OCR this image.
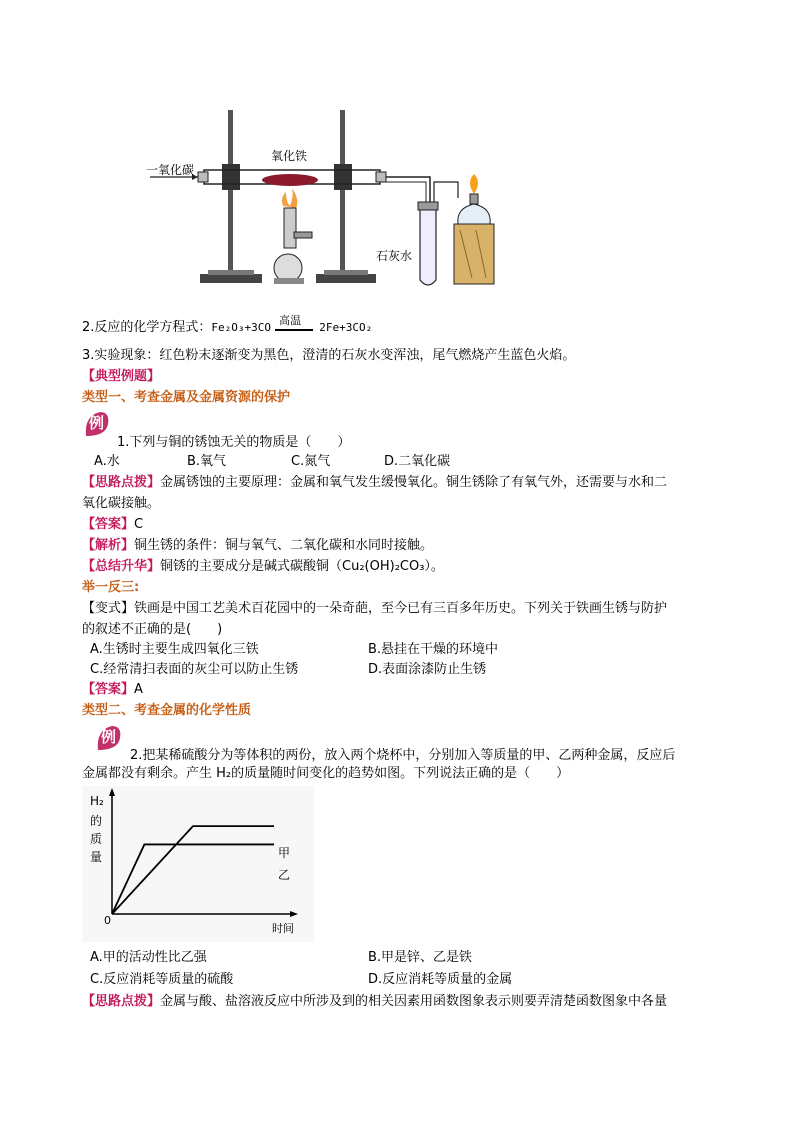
一氧化碳
氧化铁
石灰水
2.反应的化学方程式：Fe₂O₃+3CO
高温
2Fe+3CO₂
3.实验现象：红色粉末逐渐变为黑色，澄清的石灰水变浑浊，尾气燃烧产生蓝色火焰。
【典型例题】
类型一、考查金属及金属资源的保护
例
1.下列与铜的锈蚀无关的物质是（　　）
A.水	B.氧气	C.氮气	D.二氧化碳
【思路点拨】金属锈蚀的主要原理：金属和氧气发生缓慢氧化。铜生锈除了有氧气外，还需要与水和二
氧化碳接触。
【答案】C
【解析】铜生锈的条件：铜与氧气、二氧化碳和水同时接触。
【总结升华】铜锈的主要成分是碱式碳酸铜（Cu₂(OH)₂CO₃）。
举一反三:
【变式】铁画是中国工艺美术百花园中的一朵奇葩，至今已有三百多年历史。下列关于铁画生锈与防护
的叙述不正确的是(　　)
A.生锈时主要生成四氧化三铁	B.悬挂在干燥的环境中
C.经常清扫表面的灰尘可以防止生锈	D.表面涂漆防止生锈
【答案】A
类型二、考查金属的化学性质
例
2.把某稀硫酸分为等体积的两份，放入两个烧杯中，分别加入等质量的甲、乙两种金属，反应后
金属都没有剩余。产生 H₂的质量随时间变化的趋势如图。下列说法正确的是（　　）
H₂
的
质
量
0
时间
甲
乙
A.甲的活动性比乙强	B.甲是锌、乙是铁
C.反应消耗等质量的硫酸	D.反应消耗等质量的金属
【思路点拨】金属与酸、盐溶液反应中所涉及到的相关因素用函数图象表示则要弄清楚函数图象中各量
